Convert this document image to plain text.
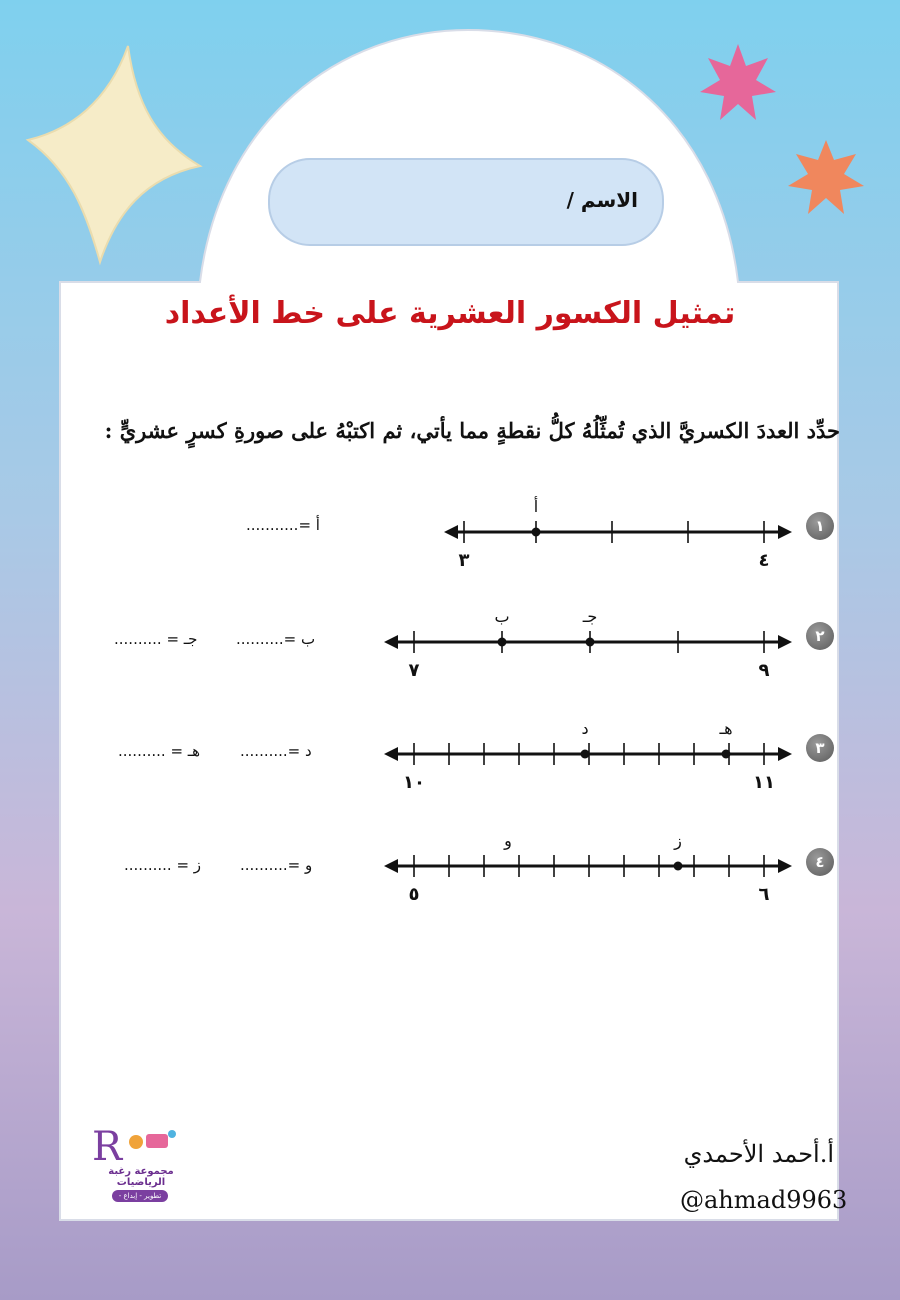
أ
٣	٤
ب	جـ
٧	٩
د	هـ
١٠	١١
و	ز
٥	٦
الاسم /
تمثيل الكسور العشرية على خط الأعداد
حدِّد العددَ الكسريَّ الذي تُمثِّلُهُ كلُّ نقطةٍ مما يأتي، ثم اكتبْهُ على صورةِ كسرٍ عشريٍّ :
أ =...........
ب =..........
جـ = ..........
د =..........
هـ = ..........
و =..........
ز = ..........
١
٢
٣
٤
R
مجموعة رغبة الرياضيات
تطوير - إبداع - تواصل
أ.أحمد الأحمدي
@ahmad9963
